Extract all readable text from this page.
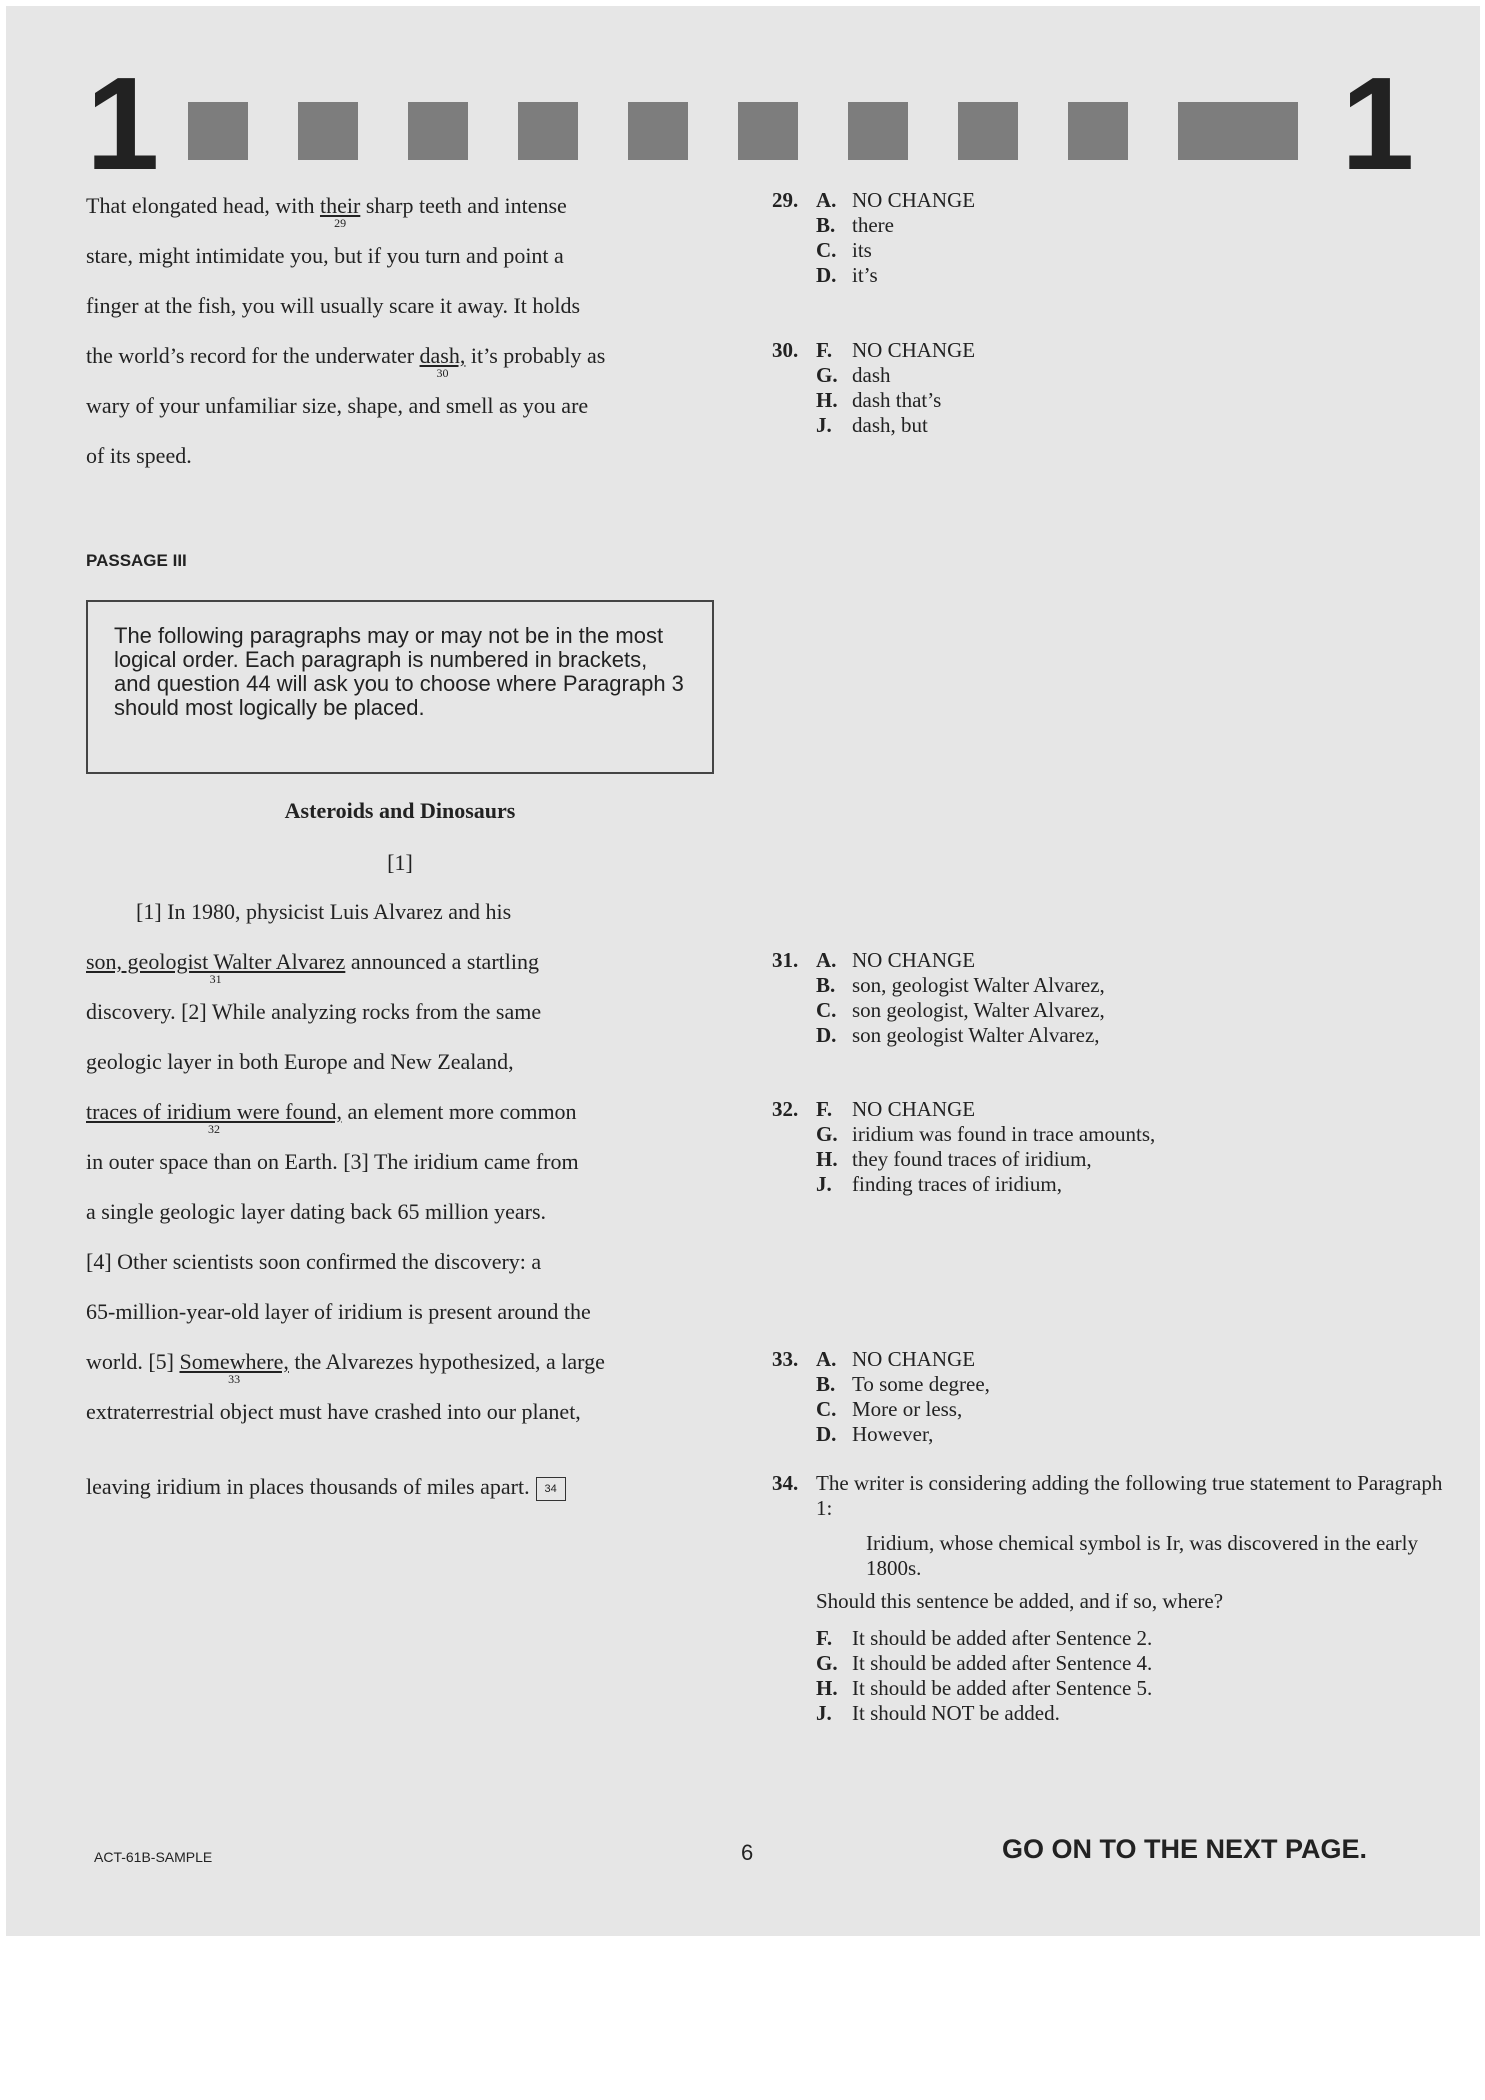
1	1
That elongated head, with their
29
sharp teeth and intense
stare, might intimidate you, but if you turn and point a
finger at the fish, you will usually scare it away. It holds
the world’s record for the underwater dash,
30
it’s probably as
wary of your unfamiliar size, shape, and smell as you are
of its speed.
PASSAGE III
The following paragraphs may or may not be in the most logical order. Each paragraph is numbered in brackets, and question 44 will ask you to choose where Paragraph 3 should most logically be placed.
Asteroids and Dinosaurs
[1]
[1] In 1980, physicist Luis Alvarez and his
son, geologist Walter Alvarez
31
announced a startling
discovery. [2] While analyzing rocks from the same
geologic layer in both Europe and New Zealand,
traces of iridium were found,
32
an element more common
in outer space than on Earth. [3] The iridium came from
a single geologic layer dating back 65 million years.
[4] Other scientists soon confirmed the discovery: a
65-million-year-old layer of iridium is present around the
world. [5] Somewhere,
33
the Alvarezes hypothesized, a large
extraterrestrial object must have crashed into our planet,
leaving iridium in places thousands of miles apart. 34
29. A. NO CHANGE
B. there
C. its
D. it’s
30. F. NO CHANGE
G. dash
H. dash that’s
J. dash, but
31. A. NO CHANGE
B. son, geologist Walter Alvarez,
C. son geologist, Walter Alvarez,
D. son geologist Walter Alvarez,
32. F. NO CHANGE
G. iridium was found in trace amounts,
H. they found traces of iridium,
J. finding traces of iridium,
33. A. NO CHANGE
B. To some degree,
C. More or less,
D. However,
34. The writer is considering adding the following true statement to Paragraph 1:
Iridium, whose chemical symbol is Ir, was discovered in the early 1800s.
Should this sentence be added, and if so, where?
F. It should be added after Sentence 2.
G. It should be added after Sentence 4.
H. It should be added after Sentence 5.
J. It should NOT be added.
ACT-61B-SAMPLE	6	GO ON TO THE NEXT PAGE.
